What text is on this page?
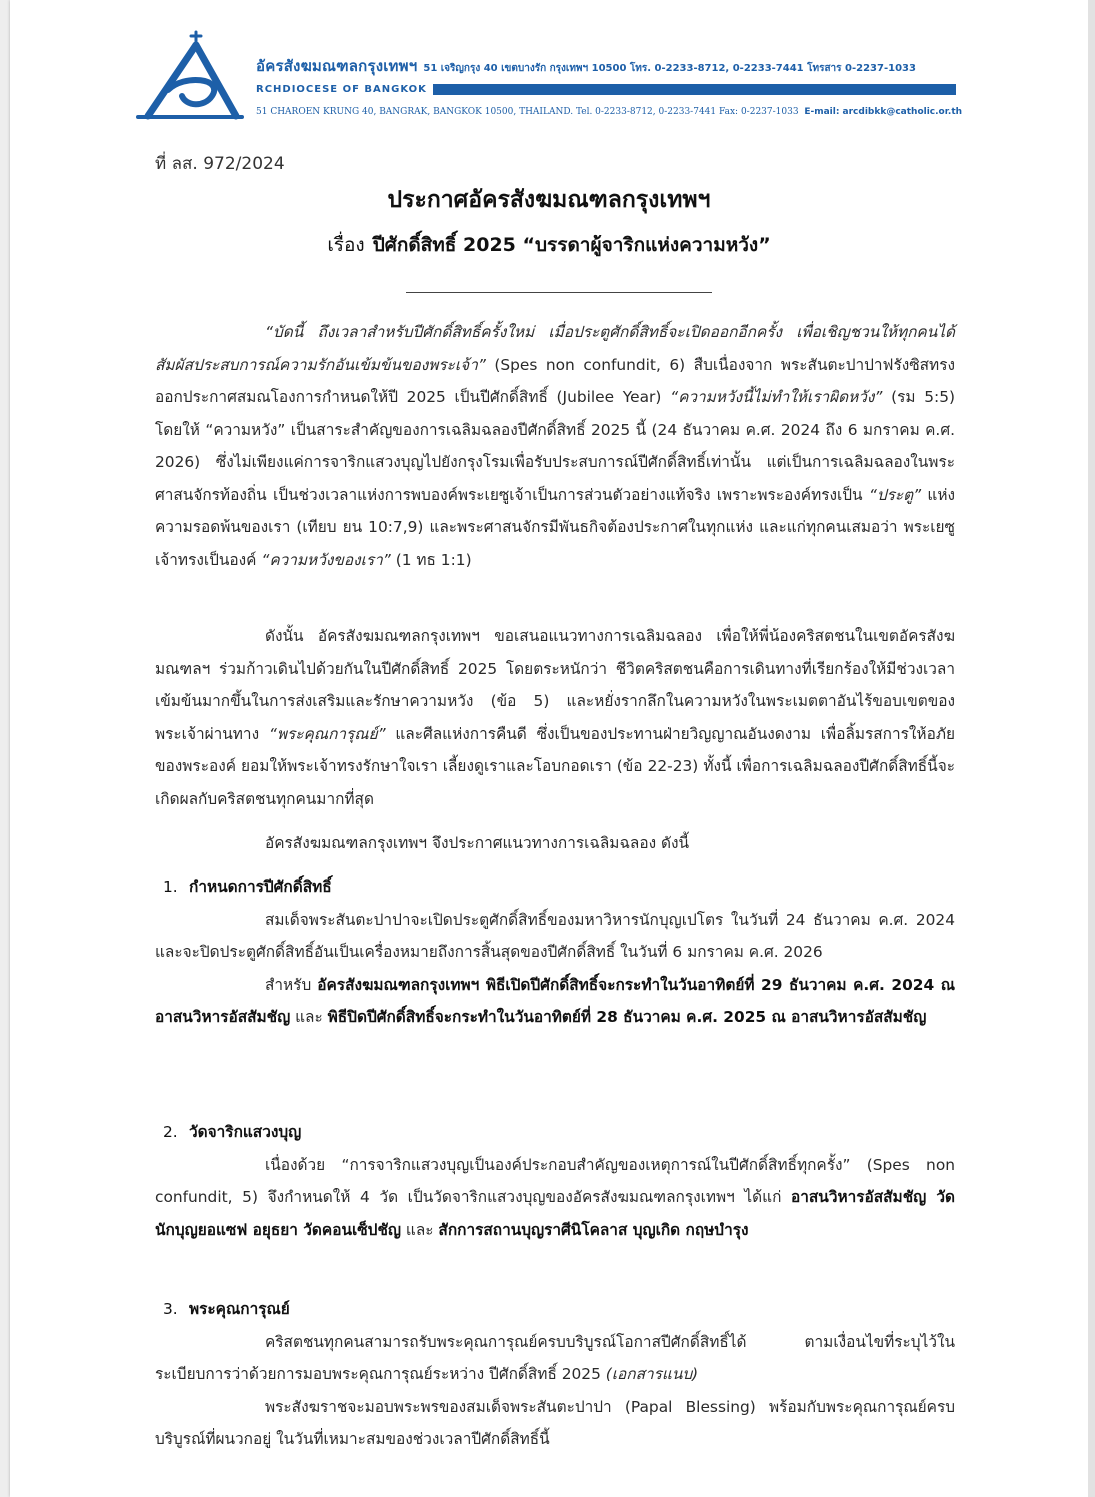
อัครสังฆมณฑลกรุงเทพฯ 51 เจริญกรุง 40 เขตบางรัก กรุงเทพฯ 10500 โทร. 0-2233-8712, 0-2233-7441 โทรสาร 0-2237-1033
RCHDIOCESE OF BANGKOK
51 CHAROEN KRUNG 40, BANGRAK, BANGKOK 10500, THAILAND. Tel. 0-2233-8712, 0-2233-7441 Fax: 0-2237-1033 E-mail: arcdibkk@catholic.or.th
ที่ ลส. 972/2024
ประกาศอัครสังฆมณฑลกรุงเทพฯ
เรื่อง ปีศักดิ์สิทธิ์ 2025 “บรรดาผู้จาริกแห่งความหวัง”

“บัดนี้ ถึงเวลาสำหรับปีศักดิ์สิทธิ์ครั้งใหม่ เมื่อประตูศักดิ์สิทธิ์จะเปิดออกอีกครั้ง เพื่อเชิญชวนให้ทุกคนได้สัมผัสประสบการณ์ความรักอันเข้มข้นของพระเจ้า” (Spes non confundit, 6) สืบเนื่องจาก พระสันตะปาปาฟรังซิสทรงออกประกาศสมณโองการกำหนดให้ปี 2025 เป็นปีศักดิ์สิทธิ์ (Jubilee Year) “ความหวังนี้ไม่ทำให้เราผิดหวัง” (รม 5:5) โดยให้ “ความหวัง” เป็นสาระสำคัญของการเฉลิมฉลองปีศักดิ์สิทธิ์ 2025 นี้ (24 ธันวาคม ค.ศ. 2024 ถึง 6 มกราคม ค.ศ. 2026) ซึ่งไม่เพียงแค่การจาริกแสวงบุญไปยังกรุงโรมเพื่อรับประสบการณ์ปีศักดิ์สิทธิ์เท่านั้น แต่เป็นการเฉลิมฉลองในพระศาสนจักรท้องถิ่น เป็นช่วงเวลาแห่งการพบองค์พระเยซูเจ้าเป็นการส่วนตัวอย่างแท้จริง เพราะพระองค์ทรงเป็น “ประตู” แห่งความรอดพ้นของเรา (เทียบ ยน 10:7,9) และพระศาสนจักรมีพันธกิจต้องประกาศในทุกแห่ง และแก่ทุกคนเสมอว่า พระเยซูเจ้าทรงเป็นองค์ “ความหวังของเรา” (1 ทธ 1:1)

ดังนั้น อัครสังฆมณฑลกรุงเทพฯ ขอเสนอแนวทางการเฉลิมฉลอง เพื่อให้พี่น้องคริสตชนในเขตอัครสังฆมณฑลฯ ร่วมก้าวเดินไปด้วยกันในปีศักดิ์สิทธิ์ 2025 โดยตระหนักว่า ชีวิตคริสตชนคือการเดินทางที่เรียกร้องให้มีช่วงเวลาเข้มข้นมากขึ้นในการส่งเสริมและรักษาความหวัง (ข้อ 5) และหยั่งรากลึกในความหวังในพระเมตตาอันไร้ขอบเขตของพระเจ้าผ่านทาง “พระคุณการุณย์” และศีลแห่งการคืนดี ซึ่งเป็นของประทานฝ่ายวิญญาณอันงดงาม เพื่อลิ้มรสการให้อภัยของพระองค์ ยอมให้พระเจ้าทรงรักษาใจเรา เลี้ยงดูเราและโอบกอดเรา (ข้อ 22-23) ทั้งนี้ เพื่อการเฉลิมฉลองปีศักดิ์สิทธิ์นี้จะเกิดผลกับคริสตชนทุกคนมากที่สุด

อัครสังฆมณฑลกรุงเทพฯ จึงประกาศแนวทางการเฉลิมฉลอง ดังนี้

1. กำหนดการปีศักดิ์สิทธิ์

สมเด็จพระสันตะปาปาจะเปิดประตูศักดิ์สิทธิ์ของมหาวิหารนักบุญเปโตร ในวันที่ 24 ธันวาคม ค.ศ. 2024 และจะปิดประตูศักดิ์สิทธิ์อันเป็นเครื่องหมายถึงการสิ้นสุดของปีศักดิ์สิทธิ์ ในวันที่ 6 มกราคม ค.ศ. 2026

สำหรับ อัครสังฆมณฑลกรุงเทพฯ พิธีเปิดปีศักดิ์สิทธิ์จะกระทำในวันอาทิตย์ที่ 29 ธันวาคม ค.ศ. 2024 ณ อาสนวิหารอัสสัมชัญ และ พิธีปิดปีศักดิ์สิทธิ์จะกระทำในวันอาทิตย์ที่ 28 ธันวาคม ค.ศ. 2025 ณ อาสนวิหารอัสสัมชัญ

2. วัดจาริกแสวงบุญ

เนื่องด้วย “การจาริกแสวงบุญเป็นองค์ประกอบสำคัญของเหตุการณ์ในปีศักดิ์สิทธิ์ทุกครั้ง” (Spes non confundit, 5) จึงกำหนดให้ 4 วัด เป็นวัดจาริกแสวงบุญของอัครสังฆมณฑลกรุงเทพฯ ได้แก่ อาสนวิหารอัสสัมชัญ วัดนักบุญยอแซฟ อยุธยา วัดคอนเซ็ปชัญ และ สักการสถานบุญราศีนิโคลาส บุญเกิด กฤษบำรุง

3. พระคุณการุณย์

คริสตชนทุกคนสามารถรับพระคุณการุณย์ครบบริบูรณ์โอกาสปีศักดิ์สิทธิ์ได้ ตามเงื่อนไขที่ระบุไว้ใน ระเบียบการว่าด้วยการมอบพระคุณการุณย์ระหว่าง ปีศักดิ์สิทธิ์ 2025 (เอกสารแนบ)

พระสังฆราชจะมอบพระพรของสมเด็จพระสันตะปาปา (Papal Blessing) พร้อมกับพระคุณการุณย์ครบบริบูรณ์ที่ผนวกอยู่ ในวันที่เหมาะสมของช่วงเวลาปีศักดิ์สิทธิ์นี้
